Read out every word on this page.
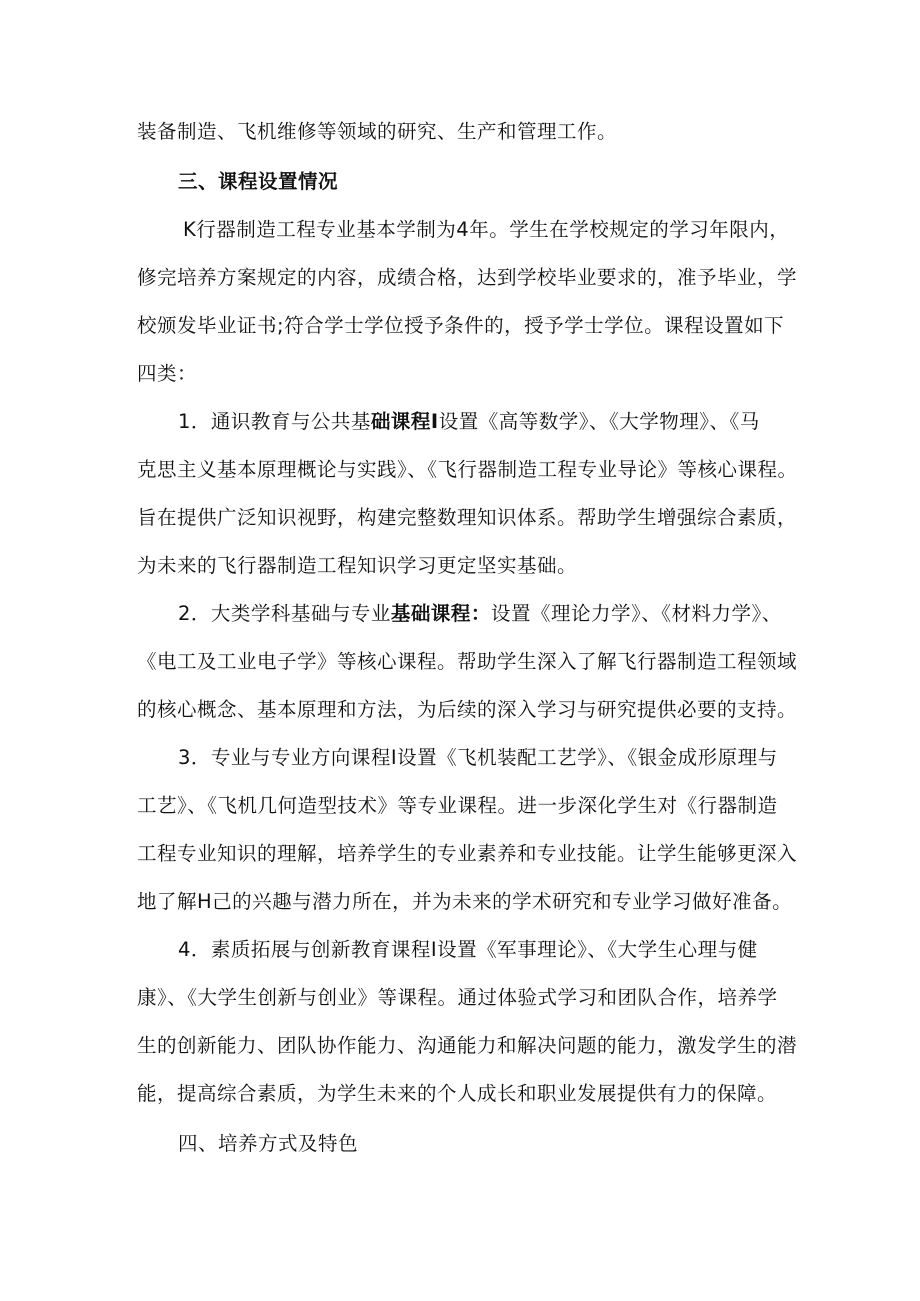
装备制造、飞机维修等领域的研究、生产和管理工作。
三、课程设置情况
K行器制造工程专业基本学制为4年。学生在学校规定的学习年限内，
修完培养方案规定的内容，成绩合格，达到学校毕业要求的，准予毕业，学
校颁发毕业证书;符合学士学位授予条件的，授予学士学位。课程设置如下
四类：
1．通识教育与公共基础课程I设置《高等数学》、《大学物理》、《马
克思主义基本原理概论与实践》、《飞行器制造工程专业导论》等核心课程。
旨在提供广泛知识视野，构建完整数理知识体系。帮助学生增强综合素质，
为未来的飞行器制造工程知识学习更定坚实基础。
2．大类学科基础与专业基础课程：设置《理论力学》、《材料力学》、
《电工及工业电子学》等核心课程。帮助学生深入了解飞行器制造工程领域
的核心概念、基本原理和方法，为后续的深入学习与研究提供必要的支持。
3．专业与专业方向课程I设置《飞机装配工艺学》、《银金成形原理与
工艺》、《飞机几何造型技术》等专业课程。进一步深化学生对《行器制造
工程专业知识的理解，培养学生的专业素养和专业技能。让学生能够更深入
地了解H己的兴趣与潜力所在，并为未来的学术研究和专业学习做好准备。
4．素质拓展与创新教育课程I设置《军事理论》、《大学生心理与健
康》、《大学生创新与创业》等课程。通过体验式学习和团队合作，培养学
生的创新能力、团队协作能力、沟通能力和解决问题的能力，激发学生的潜
能，提高综合素质，为学生未来的个人成长和职业发展提供有力的保障。
四、培养方式及特色
